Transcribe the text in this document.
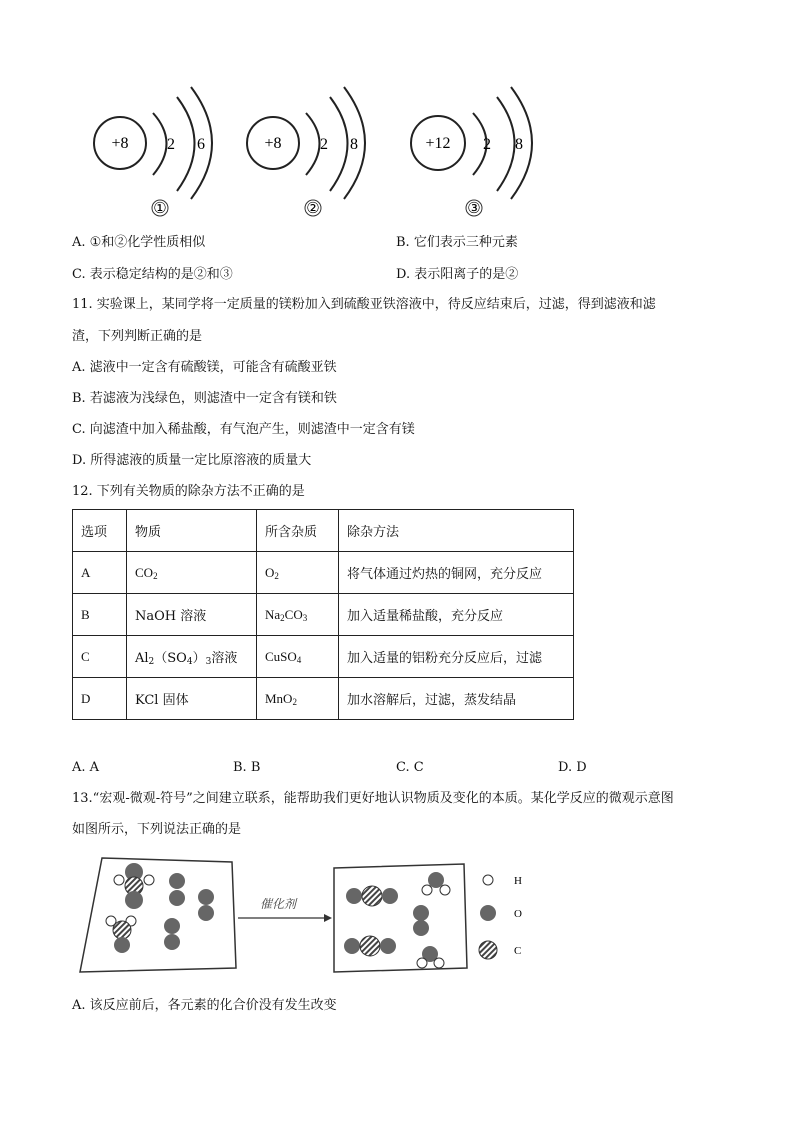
+8 2 6
①
+8 2 8
②
+12 2 8
③
A. ①和②化学性质相似	B. 它们表示三种元素
C. 表示稳定结构的是②和③	D. 表示阳离子的是②
11. 实验课上，某同学将一定质量的镁粉加入到硫酸亚铁溶液中，待反应结束后，过滤，得到滤液和滤
渣，下列判断正确的是
A. 滤液中一定含有硫酸镁，可能含有硫酸亚铁
B. 若滤液为浅绿色，则滤渣中一定含有镁和铁
C. 向滤渣中加入稀盐酸，有气泡产生，则滤渣中一定含有镁
D. 所得滤液的质量一定比原溶液的质量大
12. 下列有关物质的除杂方法不正确的是
选项	物质	所含杂质	除杂方法
A	$CO_2$	$O_2$	将气体通过灼热的铜网，充分反应
B	NaOH 溶液	$Na_2CO_3$	加入适量稀盐酸，充分反应
C	$Al_2(SO_4)_3$溶液	CuSO$_4$	加入适量的铝粉充分反应后，过滤
D	KCl 固体	MnO$_2$	加水溶解后，过滤，蒸发结晶
A. A	B. B	C. C	D. D
13.“宏观-微观-符号”之间建立联系，能帮助我们更好地认识物质及变化的本质。某化学反应的微观示意图
如图所示，下列说法正确的是
催化剂
H
O
C
A. 该反应前后，各元素的化合价没有发生改变
